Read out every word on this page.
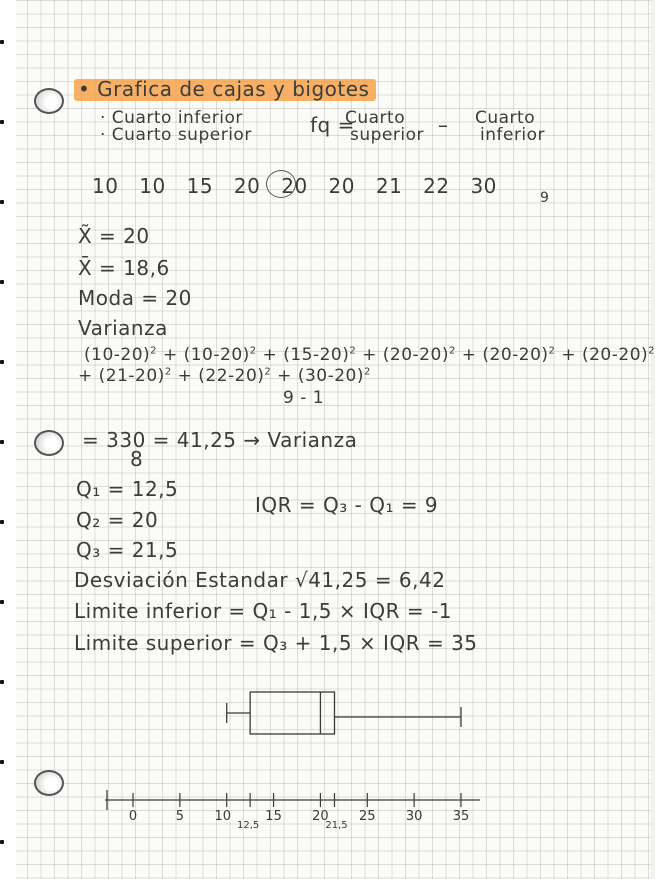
• Grafica de cajas y bigotes
· Cuarto inferior
· Cuarto superior	fq =
Cuarto
superior – Cuarto
inferior
10 10 15 20 20 20 21 22 30	9
X̃ = 20
X̄ = 18,6
Moda = 20
Varianza
$(10-20)^2 + (10-20)^2 + (15-20)^2 + (20-20)^2 + (20-20)^2 + (20-20)^2$
+ $(21-20)^2 + (22-20)^2 + (30-20)^2$
9 - 1
= 330 = 41,25 → Varianza
8
Q₁ = 12,5
IQR = Q₃ - Q₁ = 9
Q₂ = 20
Q₃ = 21,5
Desviación Estandar √41,25 = 6,42
Limite inferior = Q₁ - 1,5 × IQR = -1
Limite superior = Q₃ + 1,5 × IQR = 35
0	5 10	15 20 25 30 35
12,5	21,5
